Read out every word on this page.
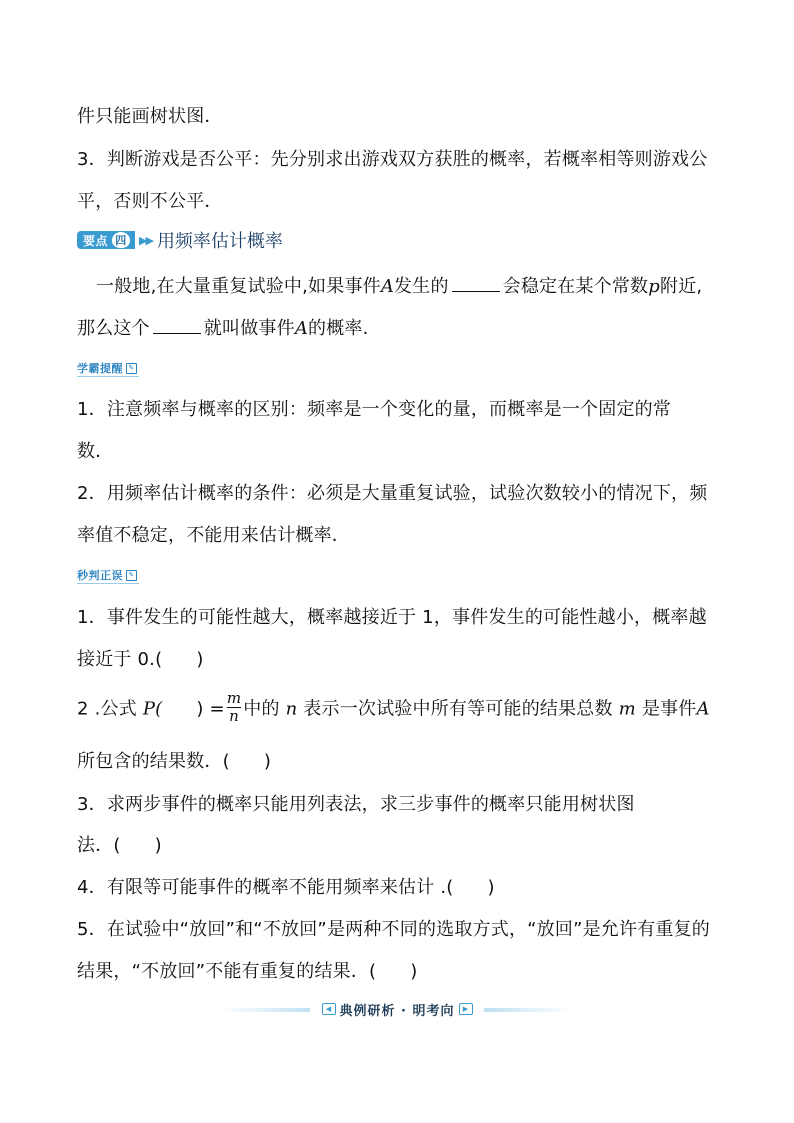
件只能画树状图．
3．判断游戏是否公平：先分别求出游戏双方获胜的概率，若概率相等则游戏公
平，否则不公平．
要点 四	▶▶ 用频率估计概率
一般地,在大量重复试验中,如果事件A发生的	会稳定在某个常数p附近,
那么这个	就叫做事件A的概率.
学霸提醒 ✎
1．注意频率与概率的区别：频率是一个变化的量，而概率是一个固定的常
数．
2．用频率估计概率的条件：必须是大量重复试验，试验次数较小的情况下，频
率值不稳定，不能用来估计概率．
秒判正误 ✎
1．事件发生的可能性越大，概率越接近于 1，事件发生的可能性越小，概率越
接近于 0.( )
2 .公式 P( ) = $\frac{m}{n}$ 中的 n 表示一次试验中所有等可能的结果总数 m 是事件A
所包含的结果数．( )
3．求两步事件的概率只能用列表法，求三步事件的概率只能用树状图
法．( )
4．有限等可能事件的概率不能用频率来估计 .( )
5．在试验中“放回”和“不放回”是两种不同的选取方式，“放回”是允许有重复的
结果，“不放回”不能有重复的结果．( )
◀ 典例研析 · 明考向	▶
